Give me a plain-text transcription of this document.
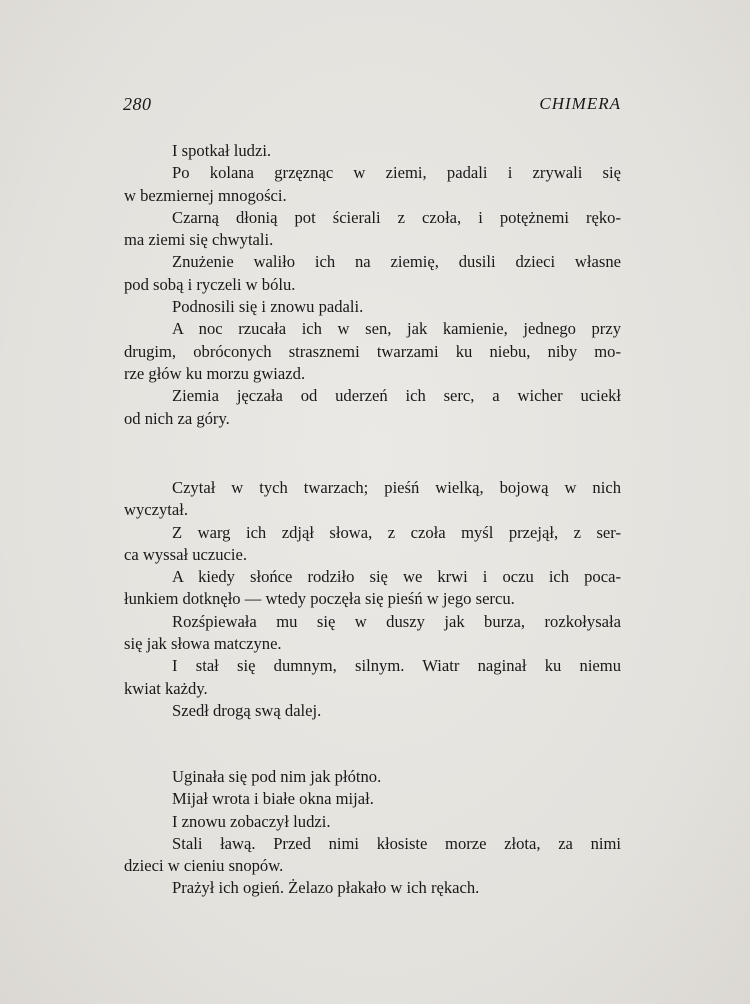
280	CHIMERA

I spotkał ludzi.

Po kolana grzęznąc w ziemi, padali i zrywali się
w bezmiernej mnogości.

Czarną dłonią pot ścierali z czoła, i potężnemi ręko-
ma ziemi się chwytali.

Znużenie waliło ich na ziemię, dusili dzieci własne
pod sobą i ryczeli w bólu.

Podnosili się i znowu padali.

A noc rzucała ich w sen, jak kamienie, jednego przy
drugim, obróconych strasznemi twarzami ku niebu, niby mo-
rze głów ku morzu gwiazd.

Ziemia jęczała od uderzeń ich serc, a wicher uciekł
od nich za góry.

Czytał w tych twarzach; pieśń wielką, bojową w nich
wyczytał.

Z warg ich zdjął słowa, z czoła myśl przejął, z ser-
ca wyssał uczucie.

A kiedy słońce rodziło się we krwi i oczu ich poca-
łunkiem dotknęło — wtedy poczęła się pieśń w jego sercu.

Rozśpiewała mu się w duszy jak burza, rozkołysała
się jak słowa matczyne.

I stał się dumnym, silnym. Wiatr naginał ku niemu
kwiat każdy.

Szedł drogą swą dalej.

Uginała się pod nim jak płótno.

Mijał wrota i białe okna mijał.

I znowu zobaczył ludzi.

Stali ławą. Przed nimi kłosiste morze złota, za nimi
dzieci w cieniu snopów.

Prażył ich ogień. Żelazo płakało w ich rękach.
